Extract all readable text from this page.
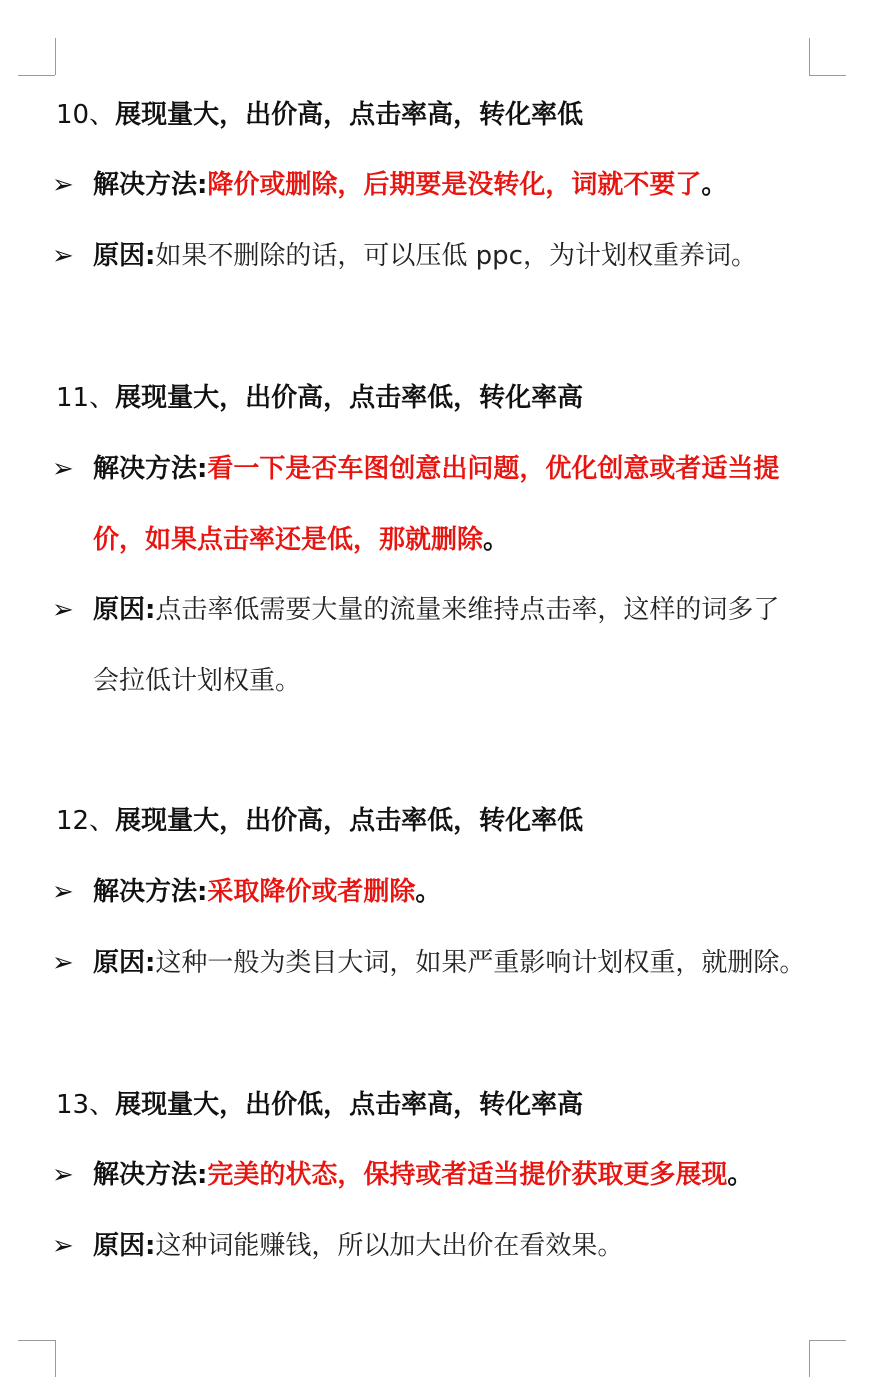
10、展现量大，出价高，点击率高，转化率低
➢ 解决方法:降价或删除，后期要是没转化，词就不要了。
➢ 原因:如果不删除的话，可以压低 ppc，为计划权重养词。
11、展现量大，出价高，点击率低，转化率高
➢ 解决方法:看一下是否车图创意出问题，优化创意或者适当提
价，如果点击率还是低，那就删除。
➢ 原因:点击率低需要大量的流量来维持点击率，这样的词多了
会拉低计划权重。
12、展现量大，出价高，点击率低，转化率低
➢ 解决方法:采取降价或者删除。
➢ 原因:这种一般为类目大词，如果严重影响计划权重，就删除。
13、展现量大，出价低，点击率高，转化率高
➢ 解决方法:完美的状态，保持或者适当提价获取更多展现。
➢ 原因:这种词能赚钱，所以加大出价在看效果。
